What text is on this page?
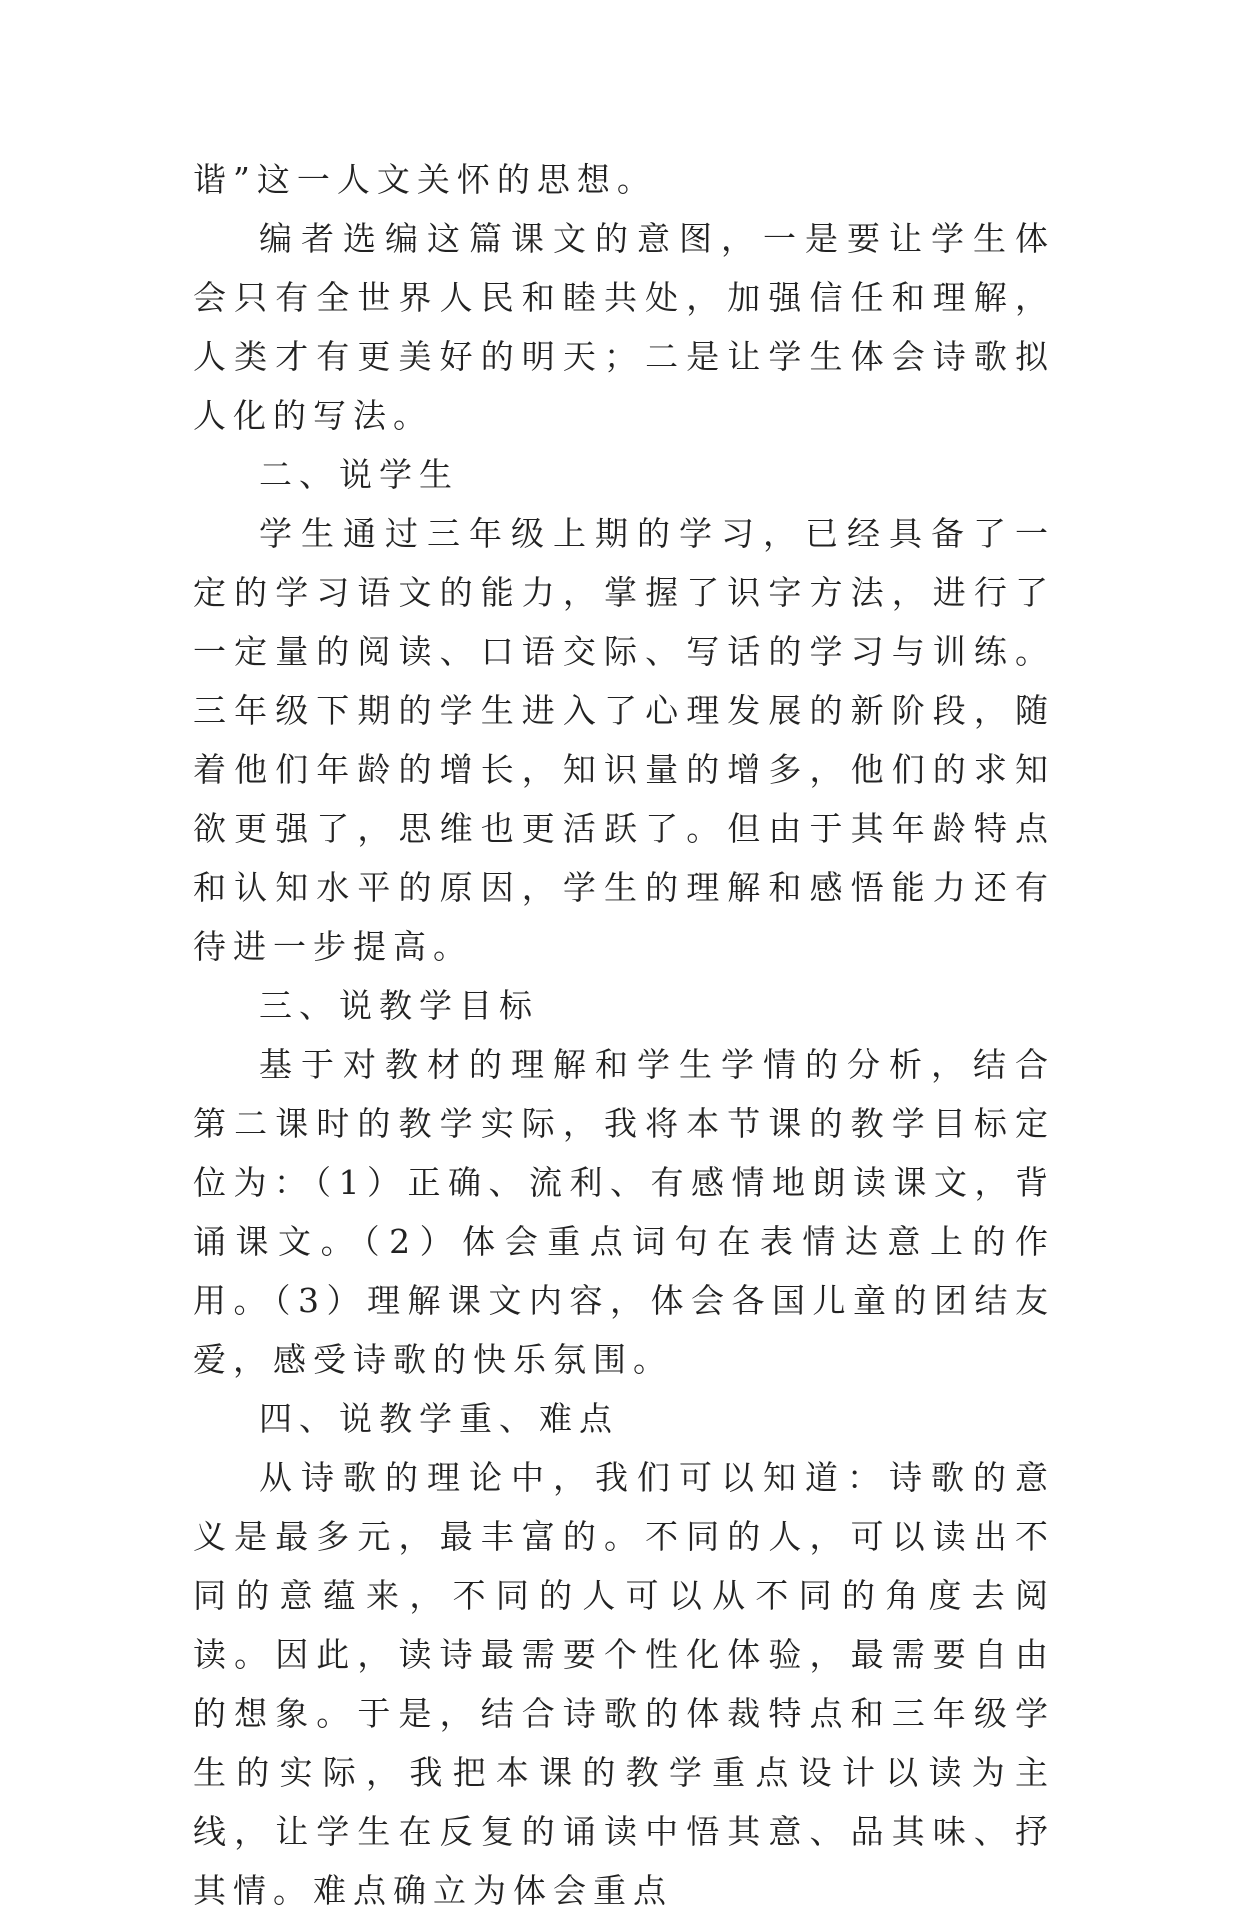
谐”这一人文关怀的思想。

编者选编这篇课文的意图，一是要让学生体会只有全世界人民和睦共处，加强信任和理解，人类才有更美好的明天；二是让学生体会诗歌拟人化的写法。

二、说学生

学生通过三年级上期的学习，已经具备了一定的学习语文的能力，掌握了识字方法，进行了一定量的阅读、口语交际、写话的学习与训练。三年级下期的学生进入了心理发展的新阶段，随着他们年龄的增长，知识量的增多，他们的求知欲更强了，思维也更活跃了。但由于其年龄特点和认知水平的原因，学生的理解和感悟能力还有待进一步提高。

三、说教学目标

基于对教材的理解和学生学情的分析，结合第二课时的教学实际，我将本节课的教学目标定位为：（1）正确、流利、有感情地朗读课文，背诵课文。（2）体会重点词句在表情达意上的作用。（3）理解课文内容，体会各国儿童的团结友爱，感受诗歌的快乐氛围。

四、说教学重、难点

从诗歌的理论中，我们可以知道：诗歌的意义是最多元，最丰富的。不同的人，可以读出不同的意蕴来，不同的人可以从不同的角度去阅读。因此，读诗最需要个性化体验，最需要自由的想象。于是，结合诗歌的体裁特点和三年级学生的实际，我把本课的教学重点设计以读为主线，让学生在反复的诵读中悟其意、品其味、抒其情。难点确立为体会重点
